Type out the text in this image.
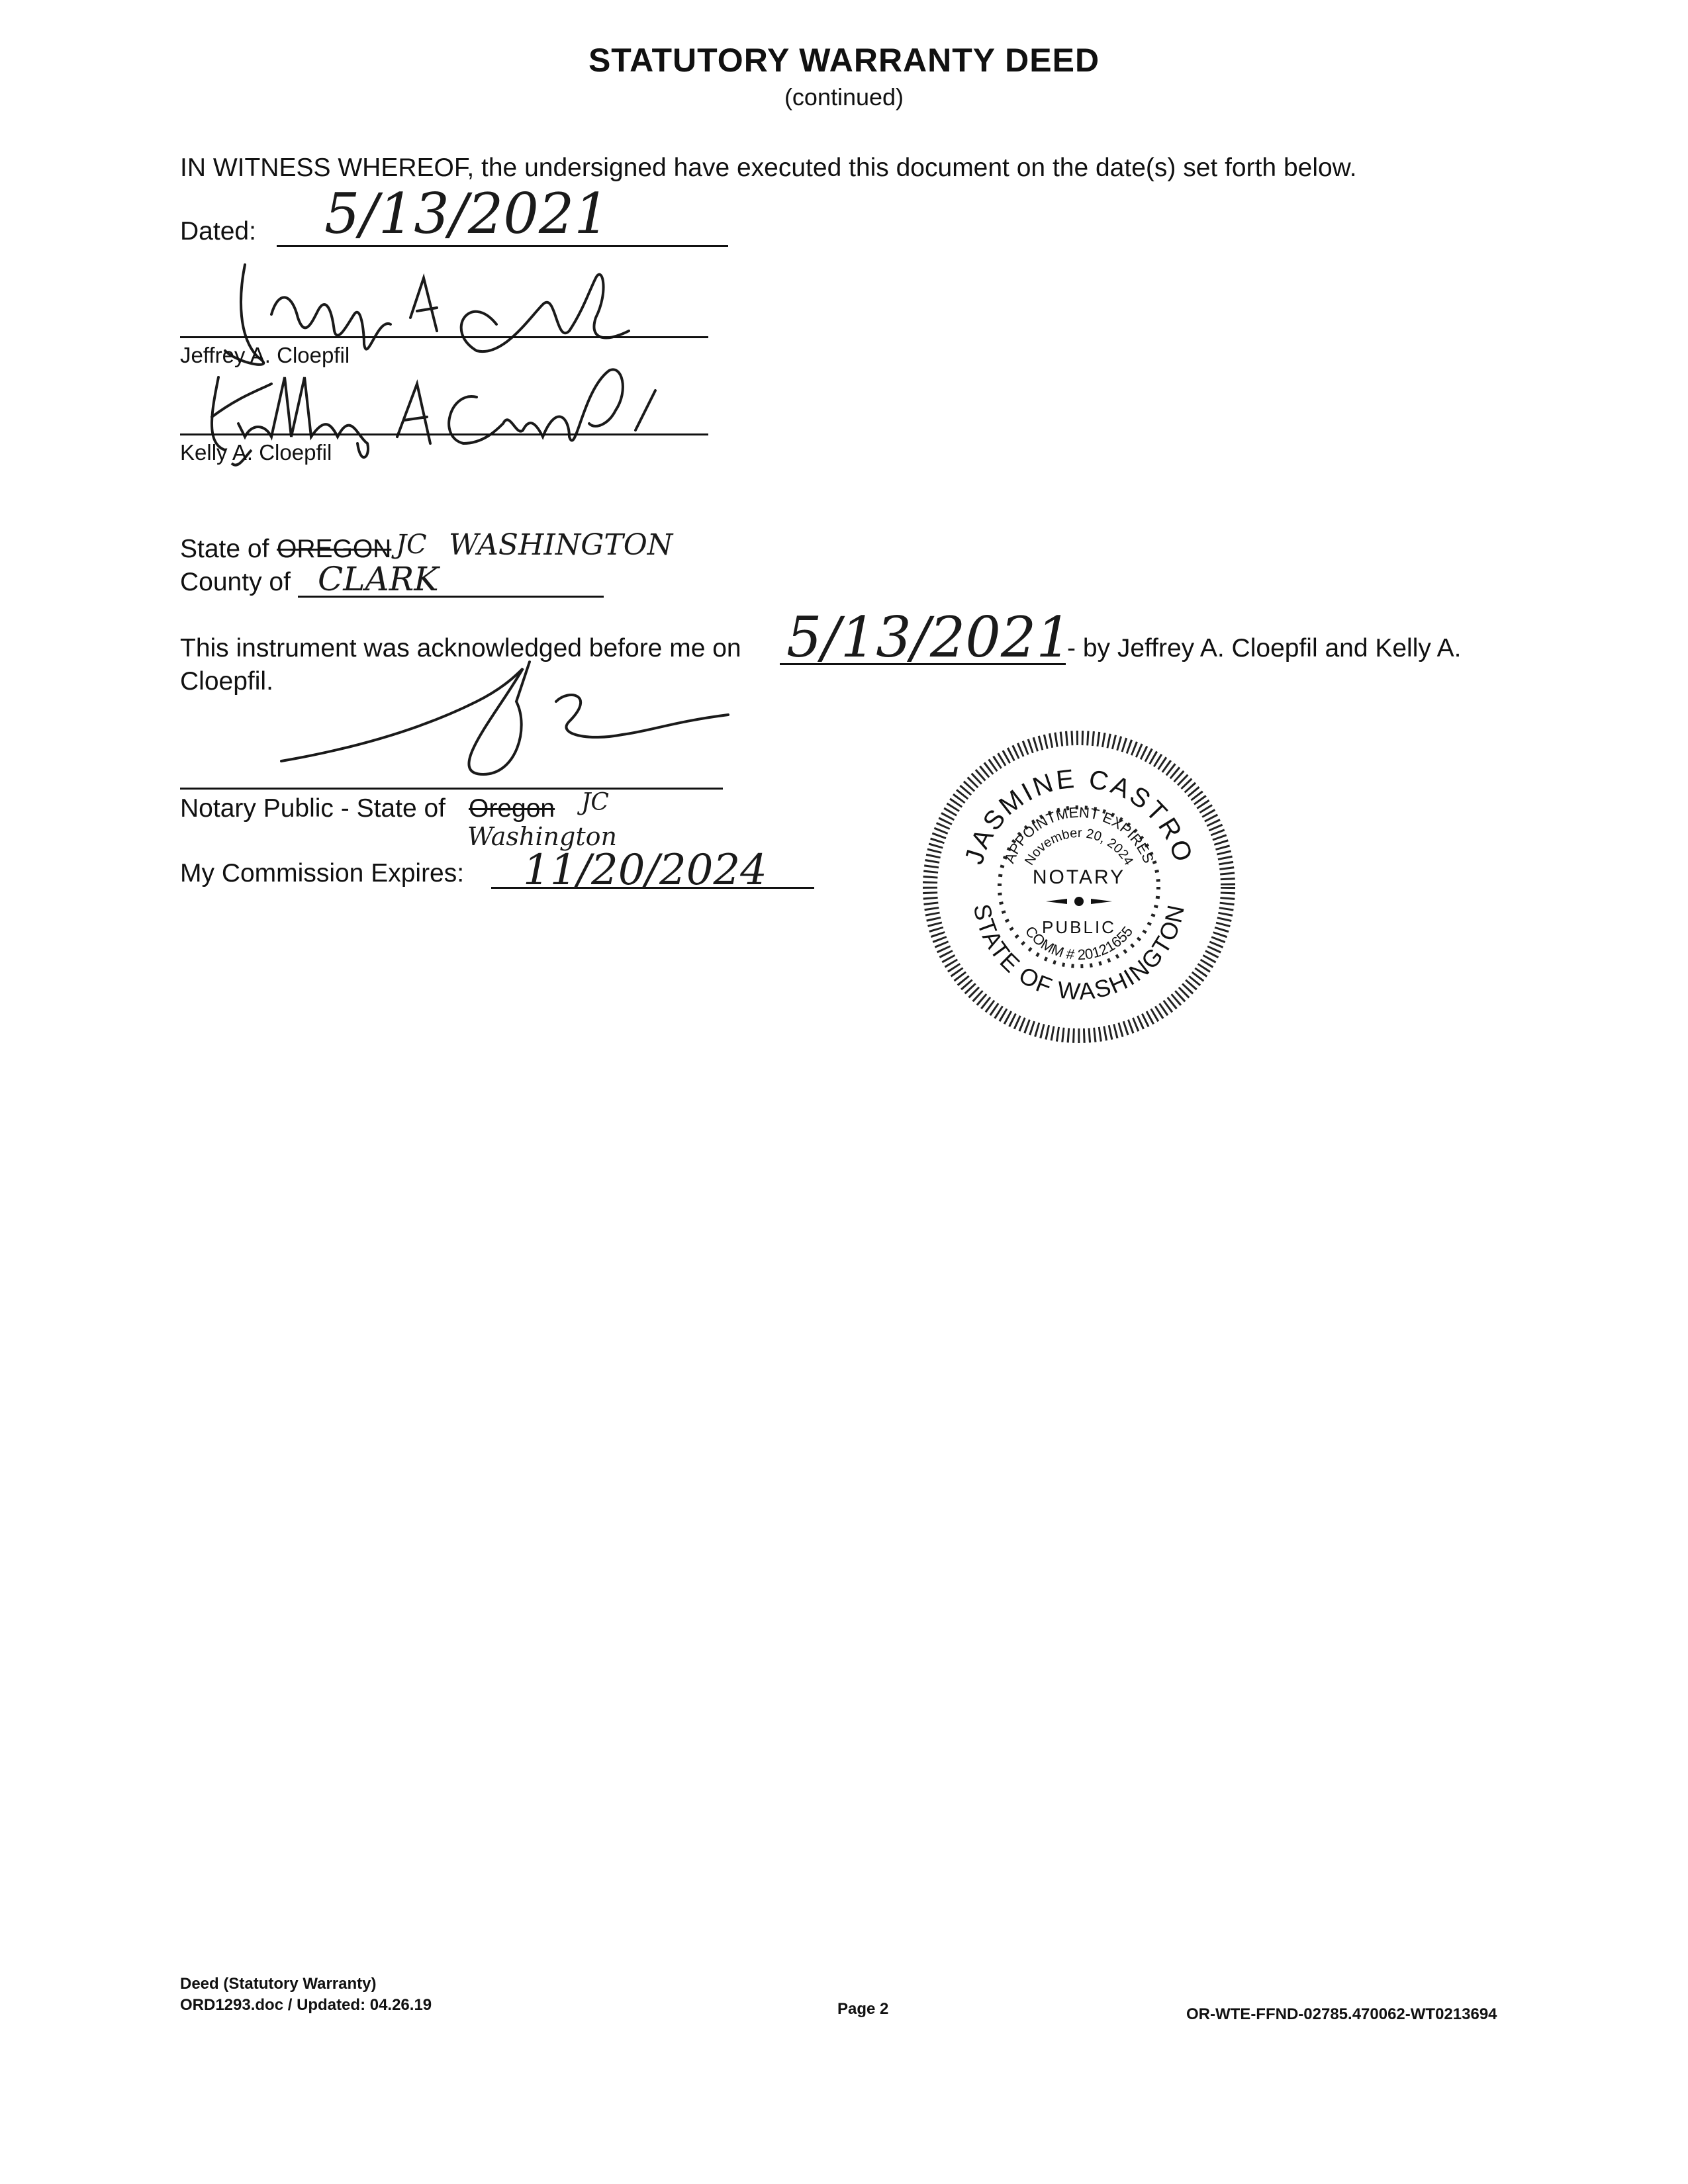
STATUTORY WARRANTY DEED
(continued)
IN WITNESS WHEREOF, the undersigned have executed this document on the date(s) set forth below.
Dated: 5/13/2021
Jeffrey A. Cloepfil
Kelly A. Cloepfil
State of OREGON JC WASHINGTON
County of CLARK
This instrument was acknowledged before me on 5/13/2021
- by Jeffrey A. Cloepfil and Kelly A.
Cloepfil.
Notary Public - State of Oregon JC
Washington
My Commission Expires: 11/20/2024	JASMINE CASTRO
STATE OF WASHINGTON
APPOINTMENT EXPIRES
November 20, 2024
COMM # 20121655
NOTARY
PUBLIC
Deed (Statutory Warranty)
ORD1293.doc / Updated: 04.26.19	Page 2	OR-WTE-FFND-02785.470062-WT0213694
